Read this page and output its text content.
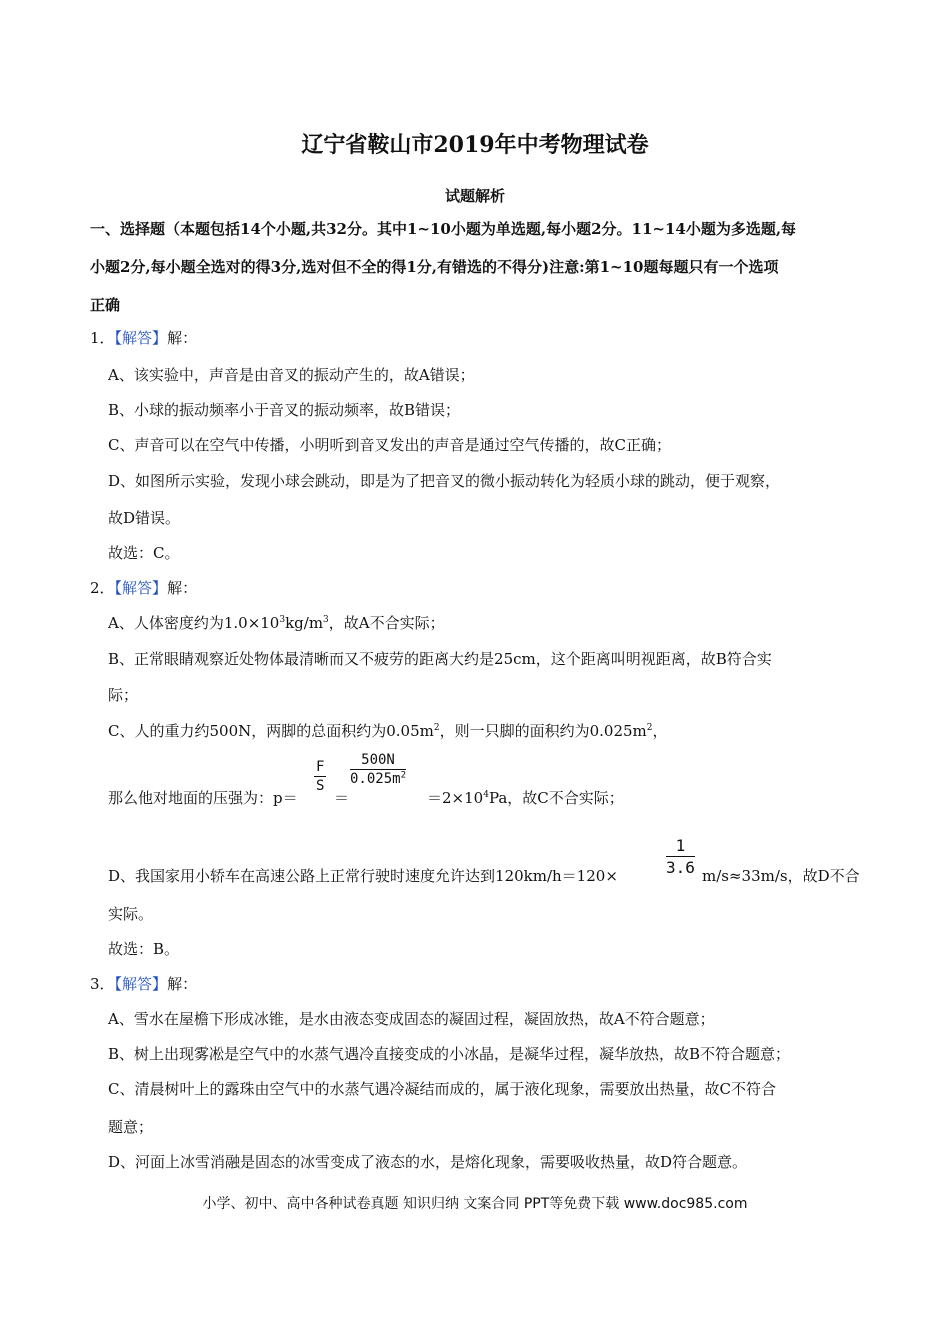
辽宁省鞍山市2019年中考物理试卷
试题解析
一、选择题（本题包括14个小题,共32分。其中1~10小题为单选题,每小题2分。11~14小题为多选题,每
小题2分,每小题全选对的得3分,选对但不全的得1分,有错选的不得分)注意:第1~10题每题只有一个选项
正确
1．【解答】解：
A、该实验中，声音是由音叉的振动产生的，故A错误；
B、小球的振动频率小于音叉的振动频率，故B错误；
C、声音可以在空气中传播，小明听到音叉发出的声音是通过空气传播的，故C正确；
D、如图所示实验，发现小球会跳动，即是为了把音叉的微小振动转化为轻质小球的跳动，便于观察，
故D错误。
故选：C。
2．【解答】解：
A、人体密度约为$1.0\times 10^3kg/m^3$，故A不合实际；
B、正常眼睛观察近处物体最清晰而又不疲劳的距离大约是25cm，这个距离叫明视距离，故B符合实
际；
C、人的重力约500N，两脚的总面积约为$0.05m^2$，则一只脚的面积约为$0.025m^2$，
那么他对地面的压强为：p＝
$\frac{F}{S}$
＝
$\frac{500N}{0.025m^2}$
$=2\times 10^4Pa$，故C不合实际；
D、我国家用小轿车在高速公路上正常行驶时速度允许达到120km/h＝120×	$\frac{1}{3.6} m/s\approx 33m/s$，故D不合
实际。
故选：B。
3．【解答】解：
A、雪水在屋檐下形成冰锥，是水由液态变成固态的凝固过程，凝固放热，故A不符合题意；
B、树上出现雾凇是空气中的水蒸气遇冷直接变成的小冰晶，是凝华过程，凝华放热，故B不符合题意；
C、清晨树叶上的露珠由空气中的水蒸气遇冷凝结而成的，属于液化现象，需要放出热量，故C不符合
题意；
D、河面上冰雪消融是固态的冰雪变成了液态的水，是熔化现象，需要吸收热量，故D符合题意。
小学、初中、高中各种试卷真题 知识归纳 文案合同 PPT等免费下载 www.doc985.com
